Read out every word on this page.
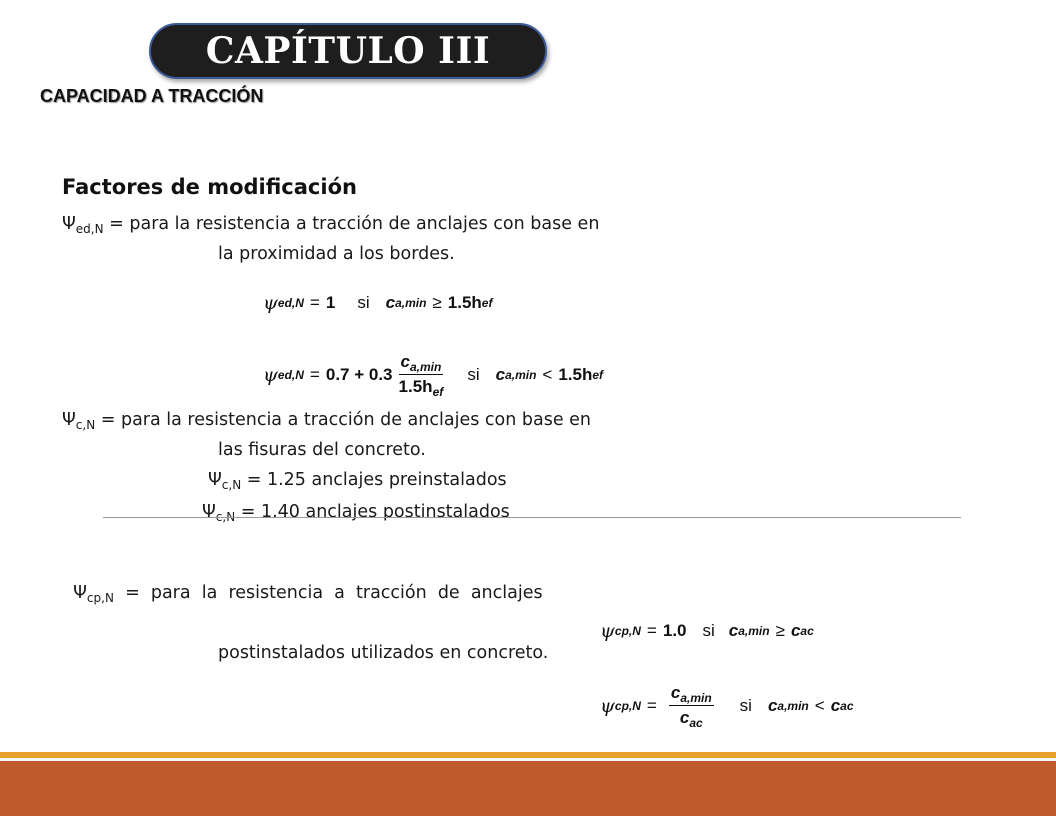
CAPÍTULO III
CAPACIDAD A TRACCIÓN
Factores de modificación
$\Psi_{ed,N}$ = para la resistencia a tracción de anclajes con base en
la proximidad a los bordes.
ψ ed,N = 1 si c a,min ≥ 1.5h ef
ψ $ed,N = 0.7 + 0.3 \frac{c_{a,min}}{1.5h_{ef}}$ si c a,min < 1.5h ef
$\Psi_{c,N}$ = para la resistencia a tracción de anclajes con base en
las fisuras del concreto.
$\Psi_{c,N} = 1.25$ anclajes preinstalados
$\Psi_{c,N} = 1.40$ anclajes postinstalados

$\Psi_{cp,N}$  =  para  la  resistencia  a  tracción  de  anclajes

postinstalados utilizados en concreto.

ψ cp,N = 1.0 si c a,min ≥ c ac
ψ $cp,N = \frac{c_{a,min}}{c_{ac}}$ si c a,min < c ac
